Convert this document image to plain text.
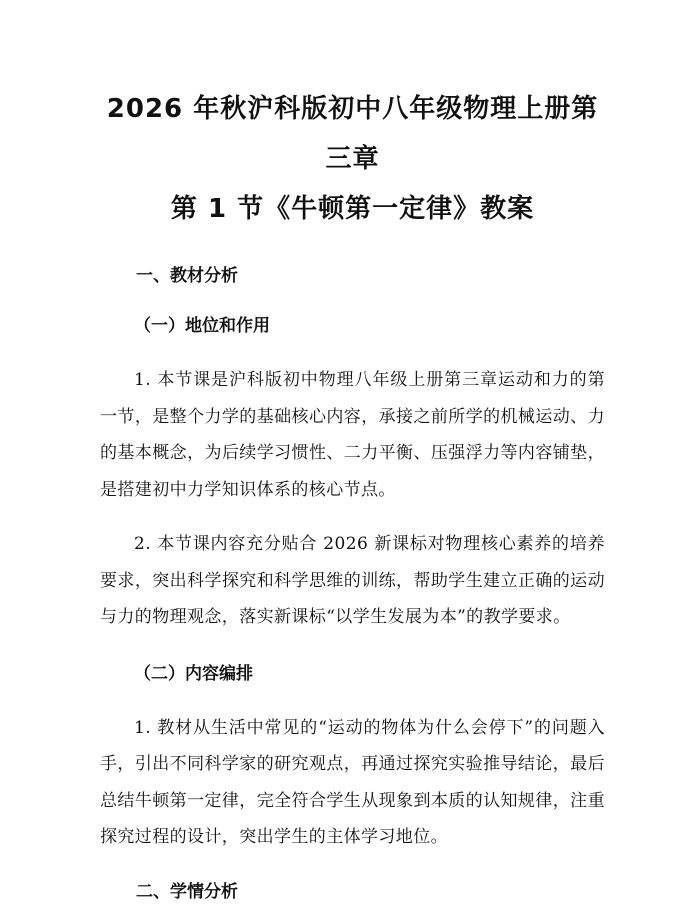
2026 年秋沪科版初中八年级物理上册第三章
第 1 节《牛顿第一定律》教案
一、教材分析
（一）地位和作用

1. 本节课是沪科版初中物理八年级上册第三章运动和力的第一节，是整个力学的基础核心内容，承接之前所学的机械运动、力的基本概念，为后续学习惯性、二力平衡、压强浮力等内容铺垫，是搭建初中力学知识体系的核心节点。

2. 本节课内容充分贴合 2026 新课标对物理核心素养的培养要求，突出科学探究和科学思维的训练，帮助学生建立正确的运动与力的物理观念，落实新课标“以学生发展为本”的教学要求。

（二）内容编排

1. 教材从生活中常见的“运动的物体为什么会停下”的问题入手，引出不同科学家的研究观点，再通过探究实验推导结论，最后总结牛顿第一定律，完全符合学生从现象到本质的认知规律，注重探究过程的设计，突出学生的主体学习地位。

二、学情分析
